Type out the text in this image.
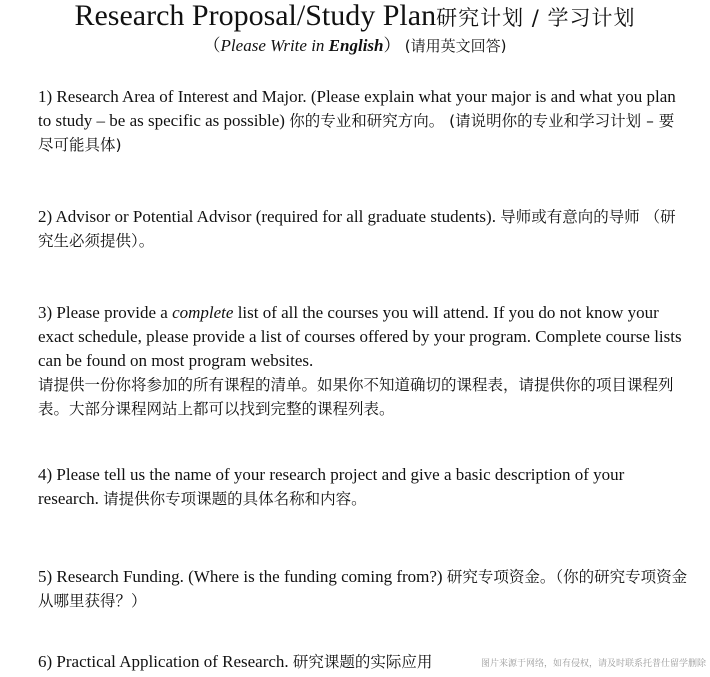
Research Proposal/Study Plan研究计划 / 学习计划
（Please Write in English） (请用英文回答)
1) Research Area of Interest and Major. (Please explain what your major is and what you plan to study – be as specific as possible) 你的专业和研究方向。 (请说明你的专业和学习计划 – 要尽可能具体)
2) Advisor or Potential Advisor (required for all graduate students). 导师或有意向的导师 （研究生必须提供）。
3) Please provide a complete list of all the courses you will attend. If you do not know your exact schedule, please provide a list of courses offered by your program. Complete course lists can be found on most program websites.
请提供一份你将参加的所有课程的清单。如果你不知道确切的课程表，请提供你的项目课程列表。大部分课程网站上都可以找到完整的课程列表。
4) Please tell us the name of your research project and give a basic description of your research. 请提供你专项课题的具体名称和内容。
5) Research Funding. (Where is the funding coming from?) 研究专项资金。（你的研究专项资金从哪里获得？）
6) Practical Application of Research. 研究课题的实际应用	图片来源于网络，如有侵权，请及时联系托普仕留学删除
